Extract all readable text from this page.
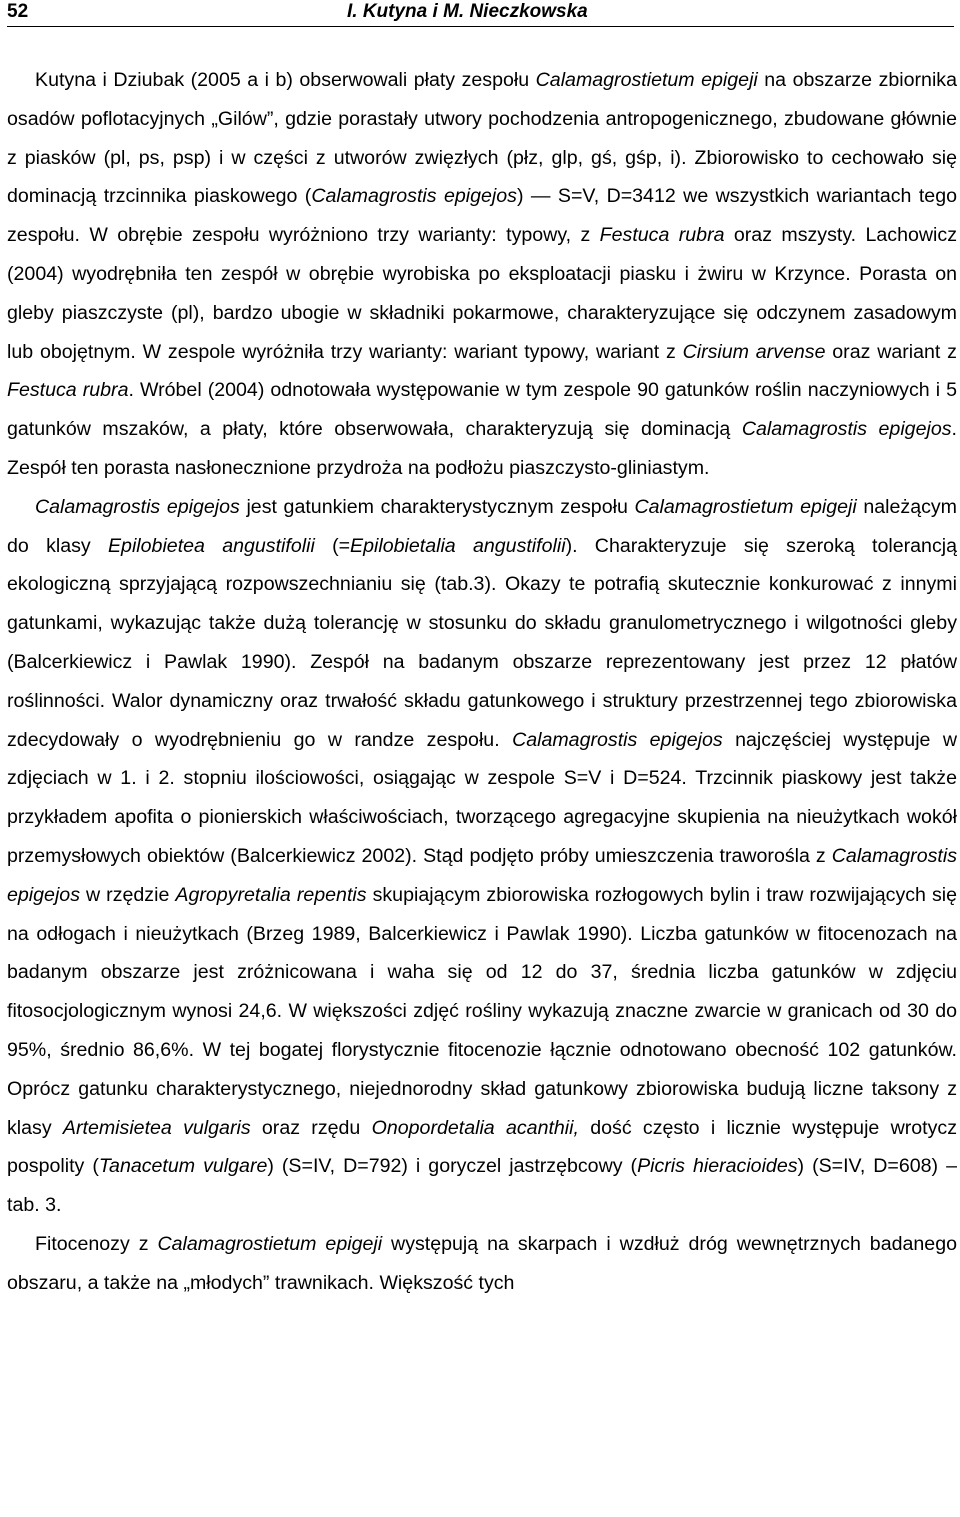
52	I. Kutyna i M. Nieczkowska

Kutyna i Dziubak (2005 a i b) obserwowali płaty zespołu Calamagrostietum epigeji na obszarze zbiornika osadów poflotacyjnych „Gilów”, gdzie porastały utwory pochodzenia antropogenicznego, zbudowane głównie z piasków (pl, ps, psp) i w części z utworów zwięzłych (płz, glp, gś, gśp, i). Zbiorowisko to cechowało się dominacją trzcinnika piaskowego (Calamagrostis epigejos) — S=V, D=3412 we wszystkich wariantach tego zespołu. W obrębie zespołu wyróżniono trzy warianty: typowy, z Festuca rubra oraz mszysty. Lachowicz (2004) wyodrębniła ten zespół w obrębie wyrobiska po eksploatacji piasku i żwiru w Krzynce. Porasta on gleby piaszczyste (pl), bardzo ubogie w składniki pokarmowe, charakteryzujące się odczynem zasadowym lub obojętnym. W zespole wyróżniła trzy warianty: wariant typowy, wariant z Cirsium arvense oraz wariant z Festuca rubra. Wróbel (2004) odnotowała występowanie w tym zespole 90 gatunków roślin naczyniowych i 5 gatunków mszaków, a płaty, które obserwowała, charakteryzują się dominacją Calamagrostis epigejos. Zespół ten porasta nasłonecznione przydroża na podłożu piaszczysto-gliniastym.

Calamagrostis epigejos jest gatunkiem charakterystycznym zespołu Calamagrostietum epigeji należącym do klasy Epilobietea angustifolii (=Epilobietalia angustifolii). Charakteryzuje się szeroką tolerancją ekologiczną sprzyjającą rozpowszechnianiu się (tab.3). Okazy te potrafią skutecznie konkurować z innymi gatunkami, wykazując także dużą tolerancję w stosunku do składu granulometrycznego i wilgotności gleby (Balcerkiewicz i Pawlak 1990). Zespół na badanym obszarze reprezentowany jest przez 12 płatów roślinności. Walor dynamiczny oraz trwałość składu gatunkowego i struktury przestrzennej tego zbiorowiska zdecydowały o wyodrębnieniu go w randze zespołu. Calamagrostis epigejos najczęściej występuje w zdjęciach w 1. i 2. stopniu ilościowości, osiągając w zespole S=V i D=524. Trzcinnik piaskowy jest także przykładem apofita o pionierskich właściwościach, tworzącego agregacyjne skupienia na nieużytkach wokół przemysłowych obiektów (Balcerkiewicz 2002). Stąd podjęto próby umieszczenia traworośla z Calamagrostis epigejos w rzędzie Agropyretalia repentis skupiającym zbiorowiska rozłogowych bylin i traw rozwijających się na odłogach i nieużytkach (Brzeg 1989, Balcerkiewicz i Pawlak 1990). Liczba gatunków w fitocenozach na badanym obszarze jest zróżnicowana i waha się od 12 do 37, średnia liczba gatunków w zdjęciu fitosocjologicznym wynosi 24,6. W większości zdjęć rośliny wykazują znaczne zwarcie w granicach od 30 do 95%, średnio 86,6%. W tej bogatej florystycznie fitocenozie łącznie odnotowano obecność 102 gatunków. Oprócz gatunku charakterystycznego, niejednorodny skład gatunkowy zbiorowiska budują liczne taksony z klasy Artemisietea vulgaris oraz rzędu Onopordetalia acanthii, dość często i licznie występuje wrotycz pospolity (Tanacetum vulgare) (S=IV, D=792) i goryczel jastrzębcowy (Picris hieracioides) (S=IV, D=608) – tab. 3.

Fitocenozy z Calamagrostietum epigeji występują na skarpach i wzdłuż dróg wewnętrznych badanego obszaru, a także na „młodych” trawnikach. Większość tych
